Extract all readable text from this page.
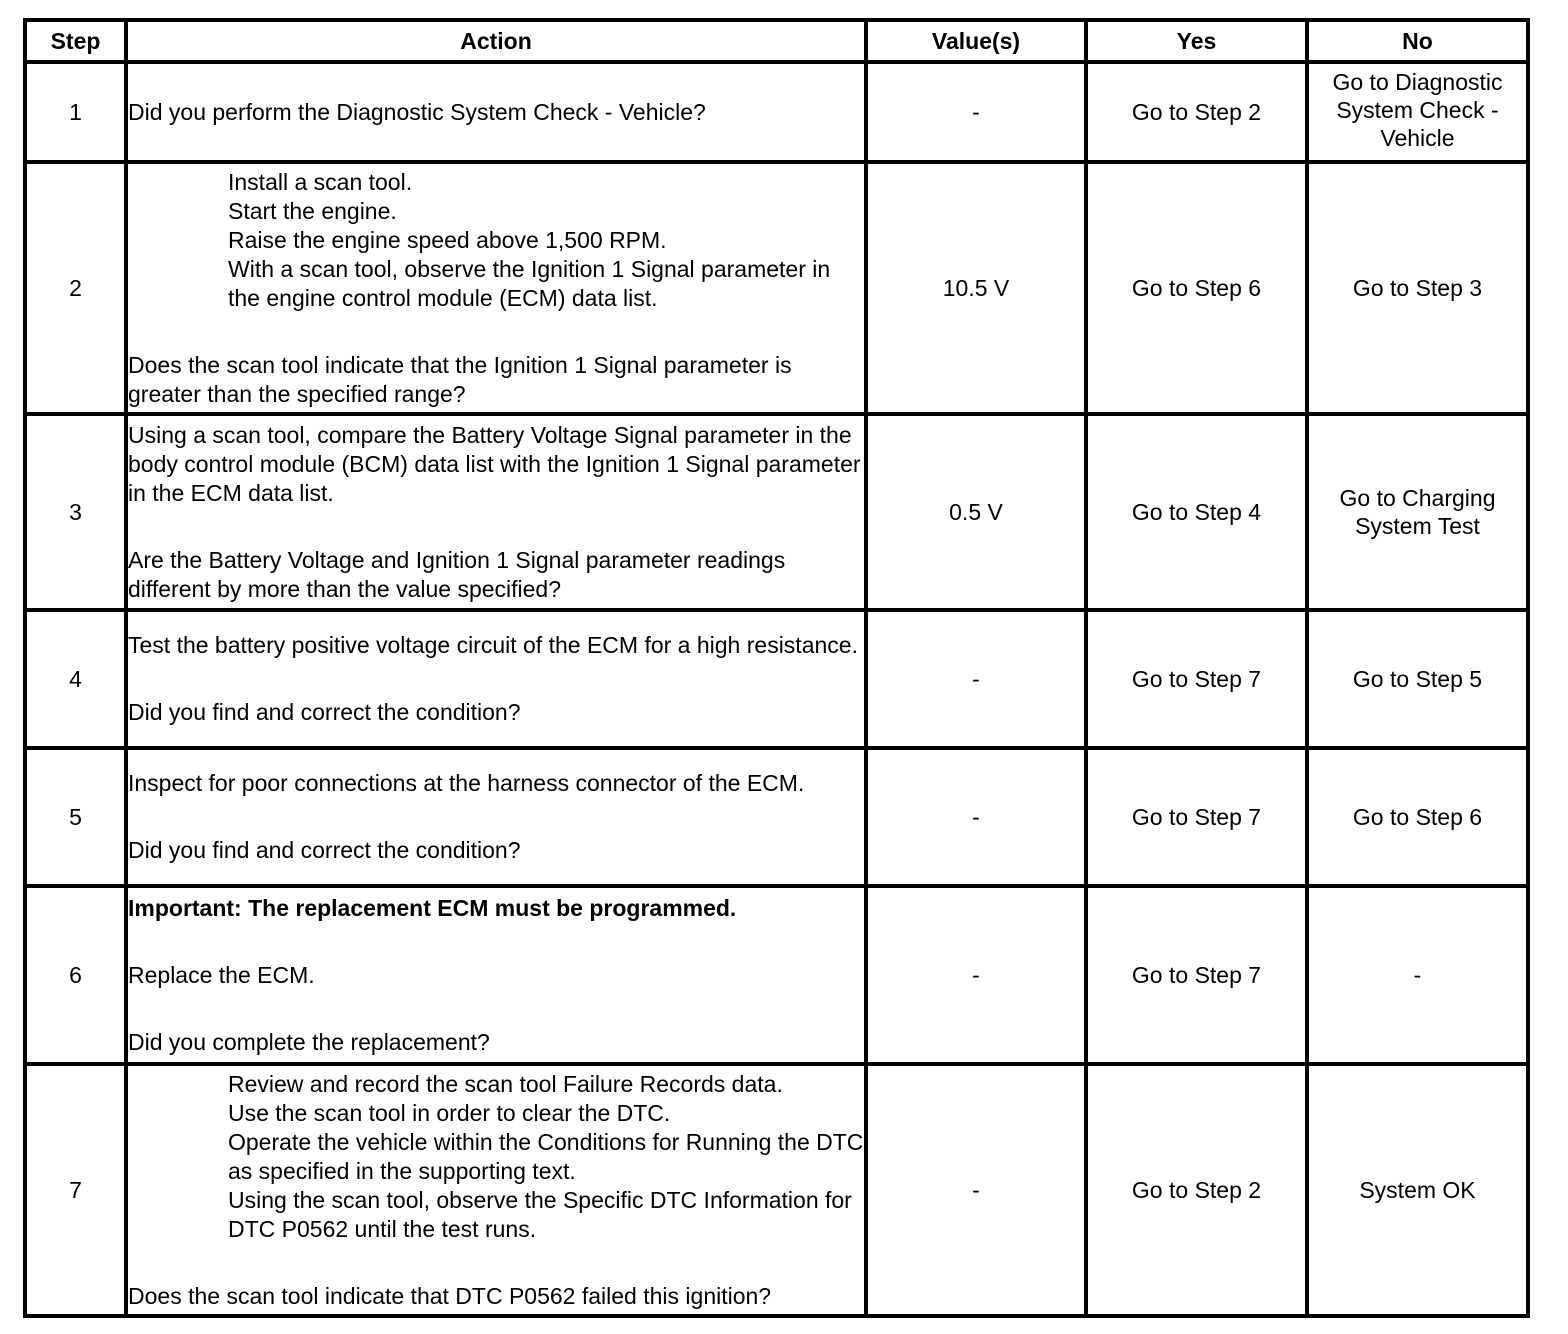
Step	Action	Value(s)	Yes	No
1	Did you perform the Diagnostic System Check - Vehicle?	-	Go to Step 2	Go to Diagnostic System Check - Vehicle
2	Install a scan tool.
Start the engine.
Raise the engine speed above 1,500 RPM.
With a scan tool, observe the Ignition 1 Signal parameter in the engine control module (ECM) data list.
Does the scan tool indicate that the Ignition 1 Signal parameter is greater than the specified range?	10.5 V	Go to Step 6	Go to Step 3
3	Using a scan tool, compare the Battery Voltage Signal parameter in the body control module (BCM) data list with the Ignition 1 Signal parameter in the ECM data list.
Are the Battery Voltage and Ignition 1 Signal parameter readings different by more than the value specified?	0.5 V	Go to Step 4	Go to Charging System Test
4	Test the battery positive voltage circuit of the ECM for a high resistance.
Did you find and correct the condition?	-	Go to Step 7	Go to Step 5
5	Inspect for poor connections at the harness connector of the ECM.
Did you find and correct the condition?	-	Go to Step 7	Go to Step 6
6	Important: The replacement ECM must be programmed.
Replace the ECM.
Did you complete the replacement?	-	Go to Step 7	-
7	Review and record the scan tool Failure Records data.
Use the scan tool in order to clear the DTC.
Operate the vehicle within the Conditions for Running the DTC as specified in the supporting text.
Using the scan tool, observe the Specific DTC Information for DTC P0562 until the test runs.
Does the scan tool indicate that DTC P0562 failed this ignition?	-	Go to Step 2	System OK
